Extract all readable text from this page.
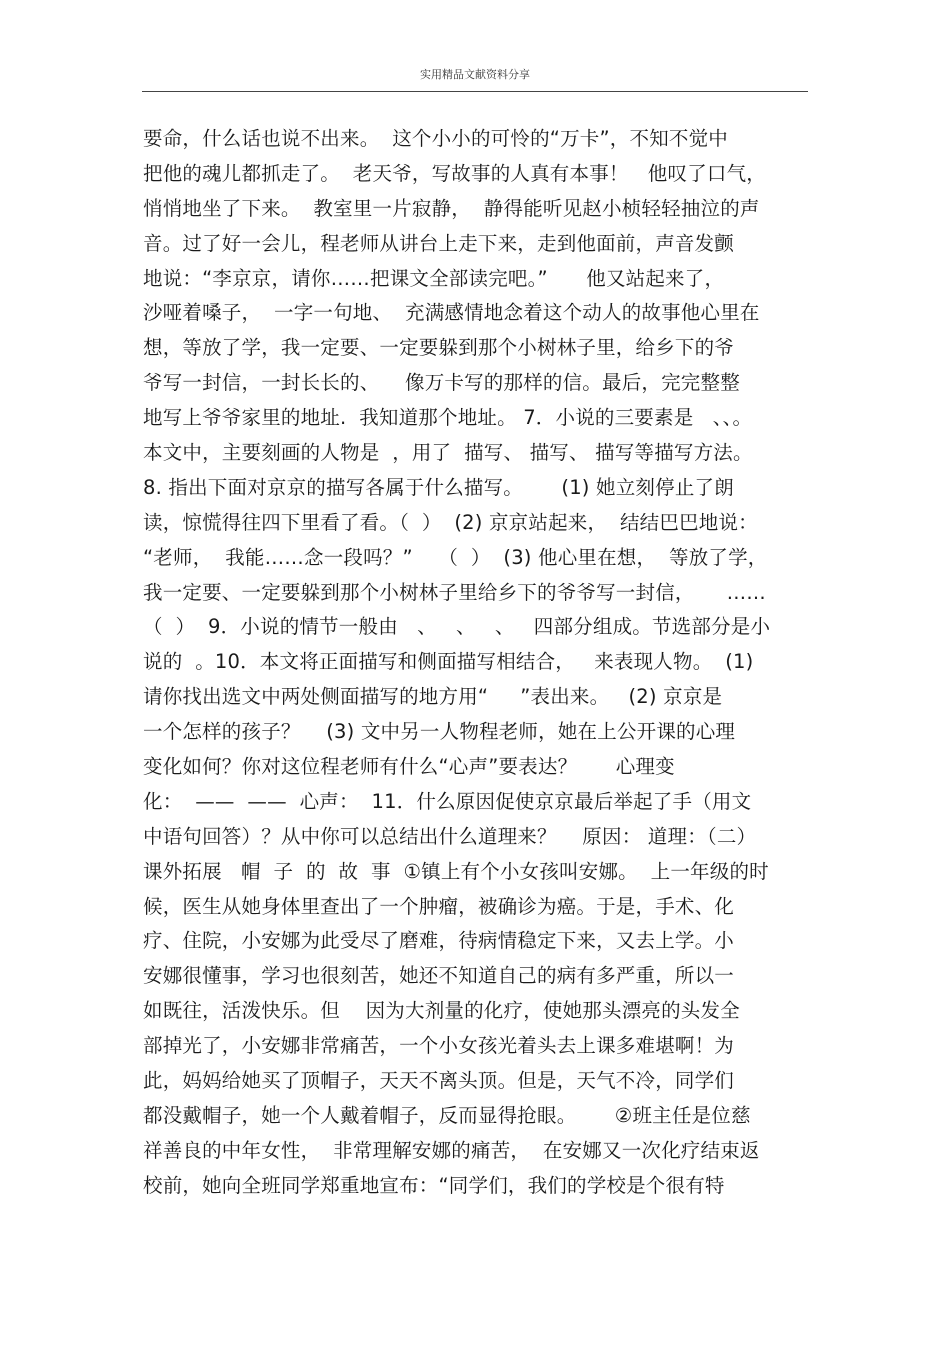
实用精品文献资料分享
要命，什么话也说不出来。  这个小小的可怜的“万卡”，不知不觉中
把他的魂儿都抓走了。  老天爷，写故事的人真有本事！   他叹了口气，
悄悄地坐了下来。  教室里一片寂静，  静得能听见赵小桢轻轻抽泣的声
音。过了好一会儿，程老师从讲台上走下来，走到他面前，声音发颤
地说：“李京京，请你……把课文全部读完吧。”      他又站起来了，
沙哑着嗓子，  一字一句地、  充满感情地念着这个动人的故事他心里在
想，等放了学，我一定要、一定要躲到那个小树林子里，给乡下的爷
爷写一封信，一封长长的、    像万卡写的那样的信。最后，完完整整
地写上爷爷家里的地址.  我知道那个地址。 7．小说的三要素是   、、。
本文中，主要刻画的人物是  ，用了  描写、 描写、 描写等描写方法。
8. 指出下面对京京的描写各属于什么描写。      (1) 她立刻停止了朗
读，惊慌得往四下里看了看。（  ）  (2) 京京站起来，  结结巴巴地说：
“老师，  我能……念一段吗？”    （  ）  (3) 他心里在想，  等放了学，
我一定要、一定要躲到那个小树林子里给乡下的爷爷写一封信，     ……
（  ）  9．小说的情节一般由   、   、   、   四部分组成。节选部分是小
说的  。10．本文将正面描写和侧面描写相结合，   来表现人物。  (1)
请你找出选文中两处侧面描写的地方用“     ”表出来。   (2) 京京是
一个怎样的孩子？    (3) 文中另一人物程老师，她在上公开课的心理
变化如何？你对这位程老师有什么“心声”要表达？      心理变
化：  ——  ——  心声：  11．什么原因促使京京最后举起了手（用文
中语句回答）？从中你可以总结出什么道理来？    原因： 道理：（二）
课外拓展   帽  子  的  故  事  ①镇上有个小女孩叫安娜。  上一年级的时
候，医生从她身体里查出了一个肿瘤，被确诊为癌。于是，手术、化
疗、住院，小安娜为此受尽了磨难，待病情稳定下来，又去上学。小
安娜很懂事，学习也很刻苦，她还不知道自己的病有多严重，所以一
如既往，活泼快乐。但    因为大剂量的化疗，使她那头漂亮的头发全
部掉光了，小安娜非常痛苦，一个小女孩光着头去上课多难堪啊！为
此，妈妈给她买了顶帽子，天天不离头顶。但是，天气不冷，同学们
都没戴帽子，她一个人戴着帽子，反而显得抢眼。      ②班主任是位慈
祥善良的中年女性，  非常理解安娜的痛苦，  在安娜又一次化疗结束返
校前，她向全班同学郑重地宣布：“同学们，我们的学校是个很有特
